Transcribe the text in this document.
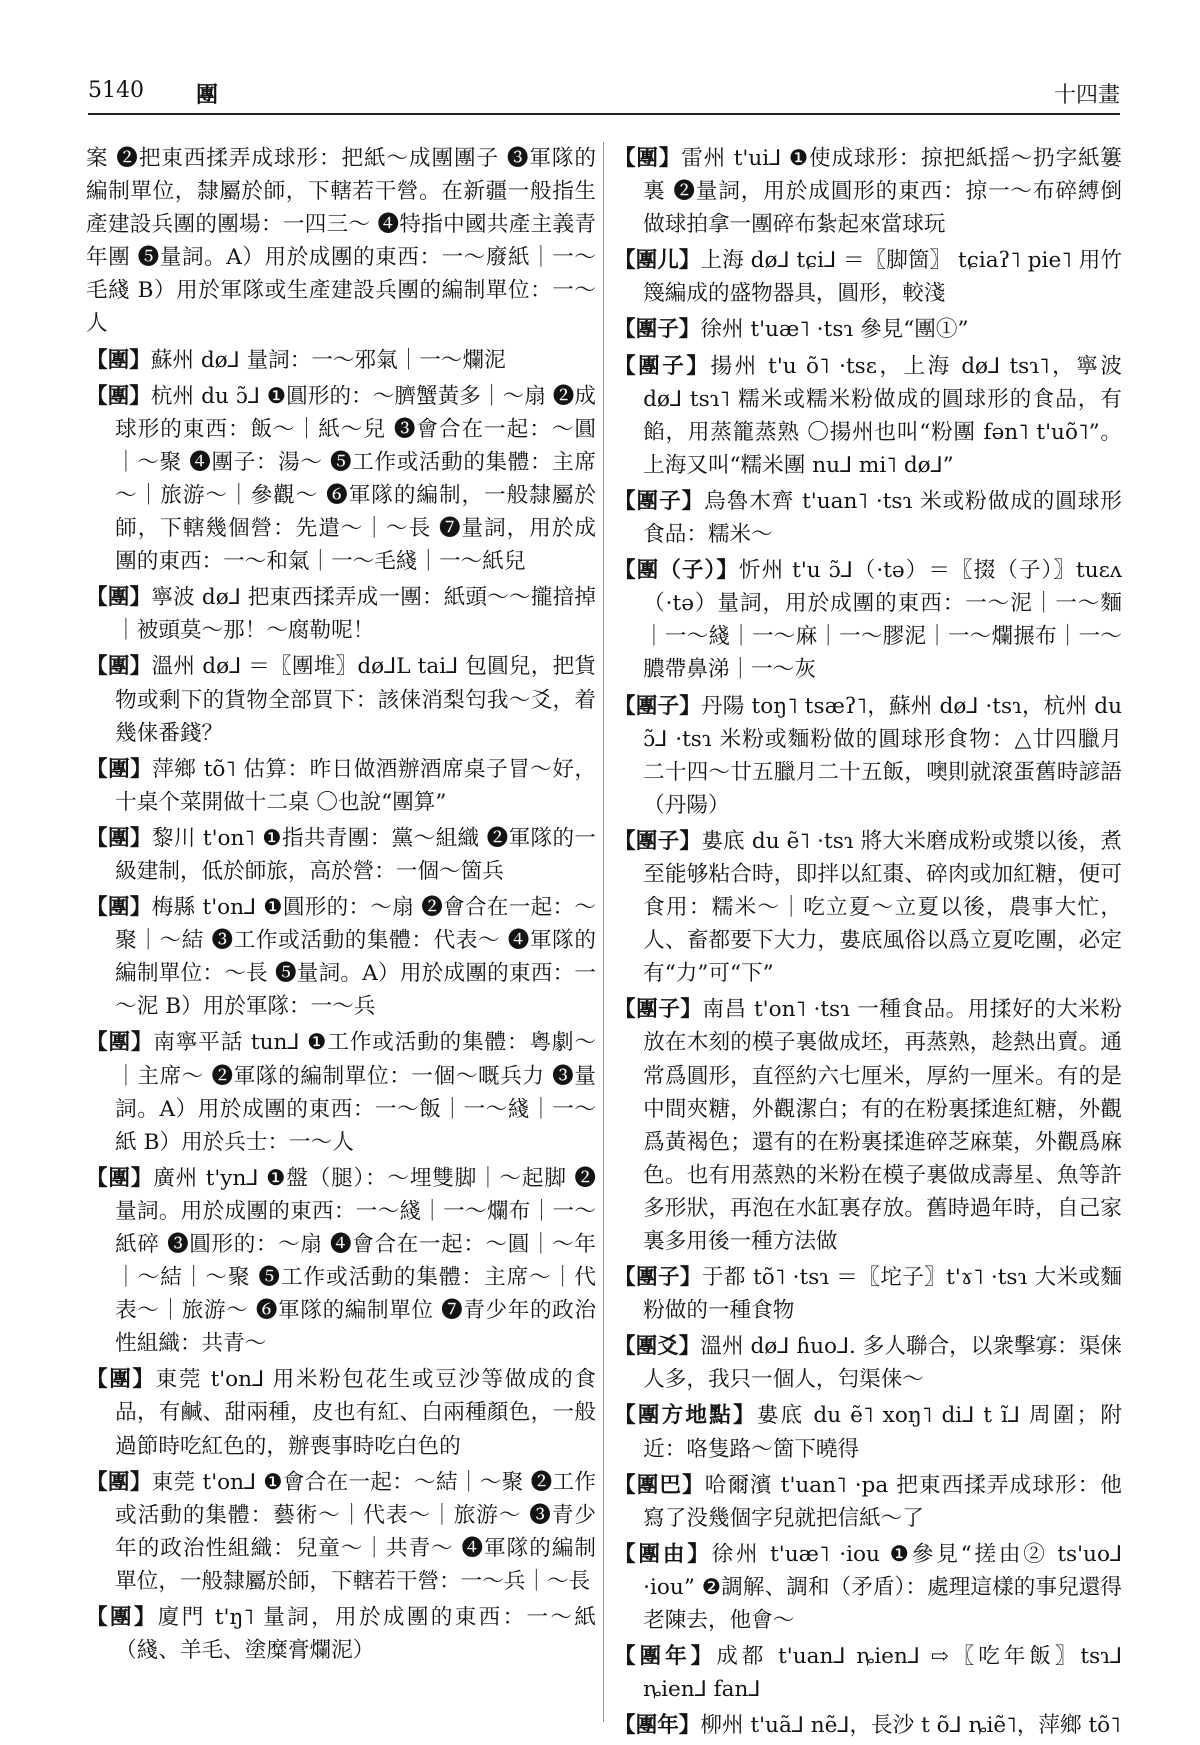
5140 團	十四畫
案 ❷把東西揉弄成球形：把紙～成團團子 ❸軍隊的編制單位，隸屬於師，下轄若干營。在新疆一般指生產建設兵團的團場：一四三～ ❹特指中國共產主義青年團 ❺量詞。A）用於成團的東西：一～廢紙｜一～毛綫 B）用於軍隊或生產建設兵團的編制單位：一～人
【團】蘇州 dø⅃ 量詞：一～邪氣｜一～爛泥
【團】杭州 du ɔ̃⅃ ❶圓形的：～臍蟹黃多｜～扇 ❷成球形的東西：飯～｜紙～兒 ❸會合在一起：～圓｜～聚 ❹團子：湯～ ❺工作或活動的集體：主席～｜旅游～｜參觀～ ❻軍隊的編制，一般隸屬於師，下轄幾個營：先遣～｜～長 ❼量詞，用於成團的東西：一～和氣｜一～毛綫｜一～紙兒
【團】寧波 dø⅃ 把東西揉弄成一團：紙頭～～攏揞掉｜被頭莫～那！～腐勒呢！
【團】溫州 dø⅃ ＝〖團堆〗dø⅃L tai⅃ 包圓兒，把貨物或剩下的貨物全部買下：該俫消梨匄我～爻，着幾俫番錢？
【團】萍鄉 tõ˥ 估算：昨日做酒辦酒席桌子冒～好，十桌个菜開做十二桌 〇也說“團算”
【團】黎川 t'on˥ ❶指共青團：黨～組織 ❷軍隊的一級建制，低於師旅，高於營：一個～箇兵
【團】梅縣 t'on⅃ ❶圓形的：～扇 ❷會合在一起：～聚｜～結 ❸工作或活動的集體：代表～ ❹軍隊的編制單位：～長 ❺量詞。A）用於成團的東西：一～泥 B）用於軍隊：一～兵
【團】南寧平話 tun⅃ ❶工作或活動的集體：粵劇～｜主席～ ❷軍隊的編制單位：一個～嘅兵力 ❸量詞。A）用於成團的東西：一～飯｜一～綫｜一～紙 B）用於兵士：一～人
【團】廣州 t'yn⅃ ❶盤（腿）：～埋雙脚｜～起脚 ❷量詞。用於成團的東西：一～綫｜一～爛布｜一～紙碎 ❸圓形的：～扇 ❹會合在一起：～圓｜～年｜～結｜～聚 ❺工作或活動的集體：主席～｜代表～｜旅游～ ❻軍隊的編制單位 ❼青少年的政治性組織：共青～
【團】東莞 t'on⅃ 用米粉包花生或豆沙等做成的食品，有鹹、甜兩種，皮也有紅、白兩種顏色，一般過節時吃紅色的，辦喪事時吃白色的
【團】東莞 t'on⅃ ❶會合在一起：～結｜～聚 ❷工作或活動的集體：藝術～｜代表～｜旅游～ ❸青少年的政治性組織：兒童～｜共青～ ❹軍隊的編制單位，一般隸屬於師，下轄若干營：一～兵｜～長
【團】廈門 t'ŋ˥ 量詞，用於成團的東西：一～紙（綫、羊毛、塗糜膏爛泥）
【團】雷州 t'ui⅃ ❶使成球形：掠把紙揺～扔字紙簍裏 ❷量詞，用於成圓形的東西：掠一～布碎縛倒做球拍拿一團碎布紮起來當球玩
【團儿】上海 dø⅃ tɕi⅃ ＝〖脚箇〗 tɕiaʔ˥ pie˥ 用竹篾編成的盛物器具，圓形，較淺
【團子】徐州 t'uæ˥ ·tsɿ 參見“團①”
【團子】揚州 t'u õ˥ ·tsɛ，上海 dø⅃ tsɿ˥，寧波 dø⅃ tsɿ˥ 糯米或糯米粉做成的圓球形的食品，有餡，用蒸籠蒸熟 〇揚州也叫“粉團 fən˥ t'uõ˥”。上海又叫“糯米團 nu⅃ mi˥ dø⅃”
【團子】烏魯木齊 t'uan˥ ·tsɿ 米或粉做成的圓球形食品：糯米～
【團（子）】忻州 t'u ɔ̃⅃（·tə）＝〖掇（子）〗tuɛʌ（·tə）量詞，用於成團的東西：一～泥｜一～麵｜一～綫｜一～麻｜一～膠泥｜一～爛搌布｜一～膿帶鼻涕｜一～灰
【團子】丹陽 toŋ˥ tsæʔ˥，蘇州 dø⅃ ·tsɿ，杭州 du ɔ̃⅃ ·tsɿ 米粉或麵粉做的圓球形食物：△廿四臘月二十四～廿五臘月二十五飯，噢則就滾蛋舊時諺語（丹陽）
【團子】婁底 du ẽ˥ ·tsɿ 將大米磨成粉或漿以後，煮至能够粘合時，即拌以紅棗、碎肉或加紅糖，便可食用：糯米～｜吃立夏～立夏以後，農事大忙，人、畜都要下大力，婁底風俗以爲立夏吃團，必定有“力”可“下”
【團子】南昌 t'on˥ ·tsɿ 一種食品。用揉好的大米粉放在木刻的模子裏做成坯，再蒸熟，趁熱出賣。通常爲圓形，直徑約六七厘米，厚約一厘米。有的是中間夾糖，外觀潔白；有的在粉裏揉進紅糖，外觀爲黃褐色；還有的在粉裏揉進碎芝麻葉，外觀爲麻色。也有用蒸熟的米粉在模子裏做成壽星、魚等許多形狀，再泡在水缸裏存放。舊時過年時，自己家裏多用後一種方法做
【團子】于都 tõ˥ ·tsɿ ＝〖坨子〗t'ɤ˥ ·tsɿ 大米或麵粉做的一種食物
【團爻】溫州 dø⅃ ɦuo⅃. 多人聯合，以衆擊寡：渠俫人多，我只一個人，匄渠俫～
【團方地點】婁底 du ẽ˥ xoŋ˥ di⅃ t ĩ⅃ 周圍；附近：咯隻路～箇下曉得
【團巴】哈爾濱 t'uan˥ ·pa 把東西揉弄成球形：他寫了没幾個字兒就把信紙～了
【團由】徐州 t'uæ˥ ·iou ❶參見“搓由② ts'uo⅃ ·iou” ❷調解、調和（矛盾）：處理這樣的事兒還得老陳去，他會～
【團年】成都 t'uan⅃ ȵien⅃ ⇨〖吃年飯〗tsɿ⅃ ȵien⅃ fan⅃
【團年】柳州 t'uã⅃ nẽ⅃，長沙 t õ⅃ ȵiẽ˥，萍鄉 tõ˥
